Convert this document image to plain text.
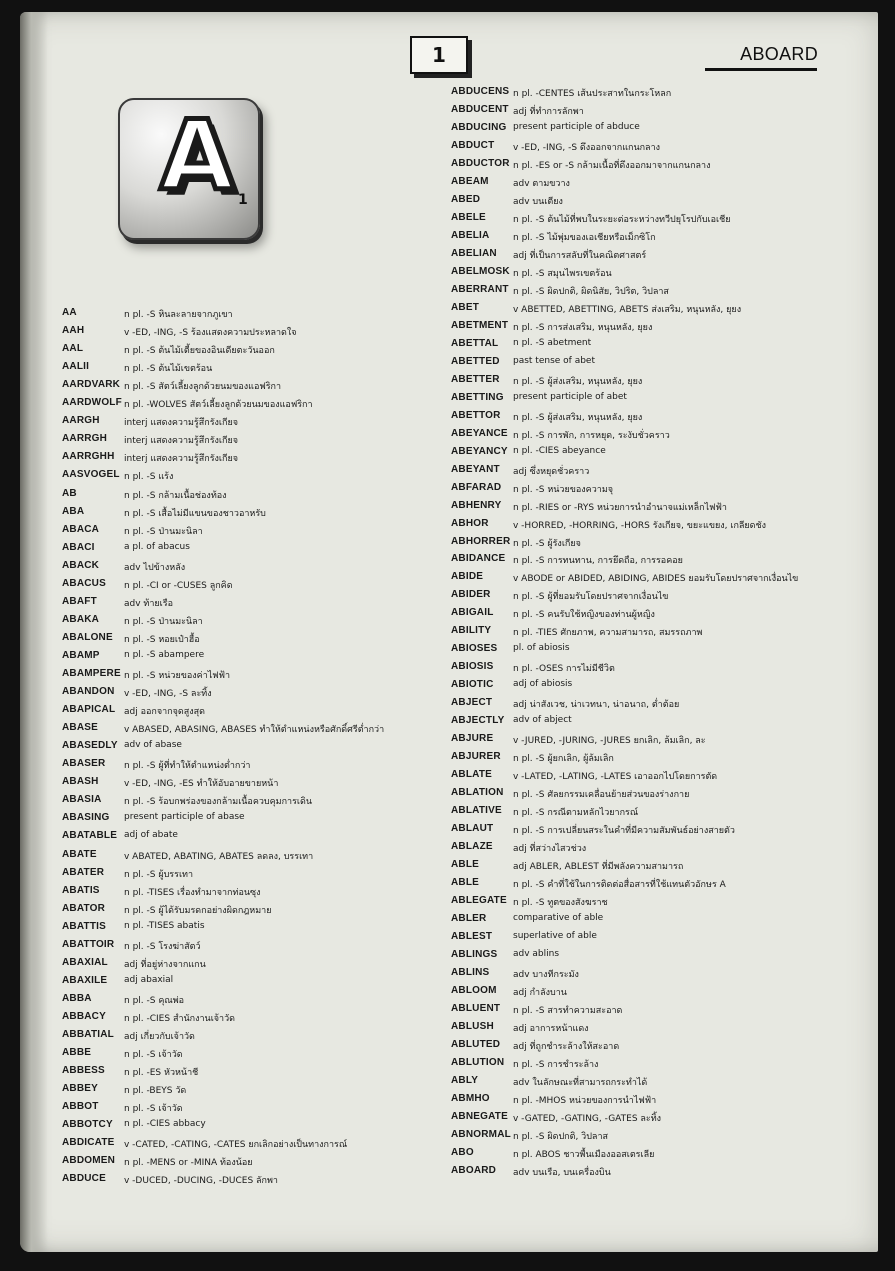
1	ABOARD
A 1
AA	n pl. -S หินละลายจากภูเขา
AAH	v -ED, -ING, -S ร้องแสดงความประหลาดใจ
AAL	n pl. -S ต้นไม้เตี้ยของอินเดียตะวันออก
AALII	n pl. -S ต้นไม้เขตร้อน
AARDVARK n pl. -S สัตว์เลี้ยงลูกด้วยนมของแอฟริกา
AARDWOLF n pl. -WOLVES สัตว์เลี้ยงลูกด้วยนมของแอฟริกา
AARGH	interj แสดงความรู้สึกรังเกียจ
AARRGH interj แสดงความรู้สึกรังเกียจ
AARRGHH interj แสดงความรู้สึกรังเกียจ
AASVOGEL n pl. -S แร้ง
AB	n pl. -S กล้ามเนื้อช่องท้อง
ABA	n pl. -S เสื้อไม่มีแขนของชาวอาหรับ
ABACA	n pl. -S ป่านมะนิลา
ABACI	a pl. of abacus
ABACK	adv ไปข้างหลัง
ABACUS n pl. -CI or -CUSES ลูกคิด
ABAFT	adv ท้ายเรือ
ABAKA	n pl. -S ป่านมะนิลา
ABALONE n pl. -S หอยเป๋าฮื้อ
ABAMP	n pl. -S abampere
ABAMPERE n pl. -S หน่วยของค่าไฟฟ้า
ABANDON v -ED, -ING, -S ละทิ้ง
ABAPICAL adj ออกจากจุดสูงสุด
ABASE	v ABASED, ABASING, ABASES ทำให้ตำแหน่งหรือศักดิ์ศรีต่ำกว่า
ABASEDLY adv of abase
ABASER n pl. -S ผู้ที่ทำให้ตำแหน่งต่ำกว่า
ABASH	v -ED, -ING, -ES ทำให้อับอายขายหน้า
ABASIA n pl. -S ร้อบกพร่องของกล้ามเนื้อควบคุมการเดิน
ABASING present participle of abase
ABATABLE adj of abate
ABATE	v ABATED, ABATING, ABATES ลดลง, บรรเทา
ABATER n pl. -S ผู้บรรเทา
ABATIS	n pl. -TISES เรื่องทำมาจากท่อนซุง
ABATOR n pl. -S ผู้ได้รับมรดกอย่างผิดกฎหมาย
ABATTIS n pl. -TISES abatis
ABATTOIR n pl. -S โรงฆ่าสัตว์
ABAXIAL adj ที่อยู่ห่างจากแกน
ABAXILE adj abaxial
ABBA	n pl. -S คุณพ่อ
ABBACY n pl. -CIES สำนักงานเจ้าวัด
ABBATIAL adj เกี่ยวกับเจ้าวัด
ABBE	n pl. -S เจ้าวัด
ABBESS n pl. -ES หัวหน้าชี
ABBEY	n pl. -BEYS วัด
ABBOT	n pl. -S เจ้าวัด
ABBOTCY n pl. -CIES abbacy
ABDICATE v -CATED, -CATING, -CATES ยกเลิกอย่างเป็นทางการณ์
ABDOMEN n pl. -MENS or -MINA ท้องน้อย
ABDUCE v -DUCED, -DUCING, -DUCES ลักพา
ABDUCENS n pl. -CENTES เส้นประสาทในกระโหลก
ABDUCENT adj ที่ทำการลักพา
ABDUCING present participle of abduce
ABDUCT v -ED, -ING, -S ดึงออกจากแกนกลาง
ABDUCTOR n pl. -ES or -S กล้ามเนื้อที่ดึงออกมาจากแกนกลาง
ABEAM	adv ตามขวาง
ABED	adv บนเตียง
ABELE	n pl. -S ต้นไม้ที่พบในระยะต่อระหว่างทวีปยุโรปกับเอเชีย
ABELIA	n pl. -S ไม้พุ่มของเอเชียหรือเม็กซิโก
ABELIAN adj ที่เป็นการสลับที่ในคณิตศาสตร์
ABELMOSK n pl. -S สมุนไพรเขตร้อน
ABERRANT n pl. -S ผิดปกติ, ผิดนิสัย, วิปริต, วิปลาส
ABET	v ABETTED, ABETTING, ABETS ส่งเสริม, หนุนหลัง, ยุยง
ABETMENT n pl. -S การส่งเสริม, หนุนหลัง, ยุยง
ABETTAL n pl. -S abetment
ABETTED past tense of abet
ABETTER n pl. -S ผู้ส่งเสริม, หนุนหลัง, ยุยง
ABETTING present participle of abet
ABETTOR n pl. -S ผู้ส่งเสริม, หนุนหลัง, ยุยง
ABEYANCE n pl. -S การพัก, การหยุด, ระงับชั่วคราว
ABEYANCY n pl. -CIES abeyance
ABEYANT adj ซึ่งหยุดชั่วคราว
ABFARAD n pl. -S หน่วยของความจุ
ABHENRY n pl. -RIES or -RYS หน่วยการนำอำนาจแม่เหล็กไฟฟ้า
ABHOR	v -HORRED, -HORRING, -HORS รังเกียจ, ขยะแขยง, เกลียดชัง
ABHORRER n pl. -S ผู้รังเกียจ
ABIDANCE n pl. -S การทนทาน, การยึดถือ, การรอคอย
ABIDE	v ABODE or ABIDED, ABIDING, ABIDES ยอมรับโดยปราศจากเงื่อนไข
ABIDER n pl. -S ผู้ที่ยอมรับโดยปราศจากเงื่อนไข
ABIGAIL n pl. -S คนรับใช้หญิงของท่านผู้หญิง
ABILITY n pl. -TIES ศักยภาพ, ความสามารถ, สมรรถภาพ
ABIOSES pl. of abiosis
ABIOSIS n pl. -OSES การไม่มีชีวิต
ABIOTIC adj of abiosis
ABJECT adj น่าสังเวช, น่าเวทนา, น่าอนาถ, ต่ำต้อย
ABJECTLY adv of abject
ABJURE v -JURED, -JURING, -JURES ยกเลิก, ล้มเลิก, ละ
ABJURER n pl. -S ผู้ยกเลิก, ผู้ล้มเลิก
ABLATE v -LATED, -LATING, -LATES เอาออกไปโดยการตัด
ABLATION n pl. -S ศัลยกรรมเคลื่อนย้ายส่วนของร่างกาย
ABLATIVE n pl. -S กรณีตามหลักไวยากรณ์
ABLAUT n pl. -S การเปลี่ยนสระในคำที่มีความสัมพันธ์อย่างสายตัว
ABLAZE adj ที่สว่างไสวช่วง
ABLE	adj ABLER, ABLEST ที่มีพลังความสามารถ
ABLE	n pl. -S คำที่ใช้ในการติดต่อสื่อสารที่ใช้แทนตัวอักษร A
ABLEGATE n pl. -S ทูตของสังฆราช
ABLER	comparative of able
ABLEST superlative of able
ABLINGS adv ablins
ABLINS	adv บางทีกระมัง
ABLOOM adj กำลังบาน
ABLUENT n pl. -S สารทำความสะอาด
ABLUSH adj อาการหน้าแดง
ABLUTED adj ที่ถูกชำระล้างให้สะอาด
ABLUTION n pl. -S การชำระล้าง
ABLY	adv ในลักษณะที่สามารถกระทำได้
ABMHO	n pl. -MHOS หน่วยของการนำไฟฟ้า
ABNEGATE v -GATED, -GATING, -GATES ละทิ้ง
ABNORMAL n pl. -S ผิดปกติ, วิปลาส
ABO	n pl. ABOS ชาวพื้นเมืองออสเตรเลีย
ABOARD adv บนเรือ, บนเครื่องบิน
